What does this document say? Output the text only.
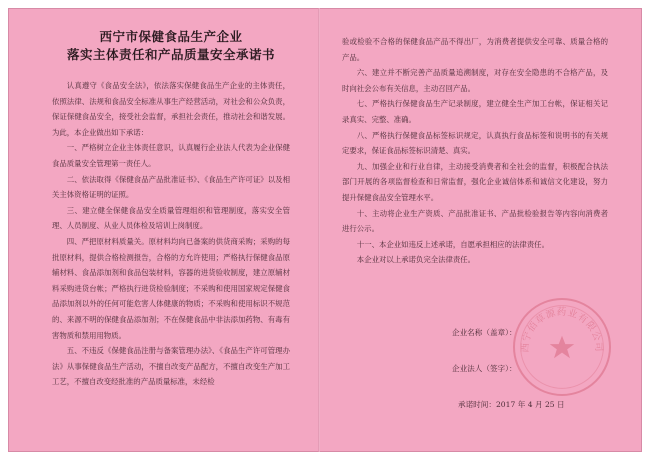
西宁市保健食品生产企业
落实主体责任和产品质量安全承诺书

认真遵守《食品安全法》，依法落实保健食品生产企业的主体责任，依照法律、法规和食品安全标准从事生产经营活动，对社会和公众负责，保证保健食品安全，接受社会监督，承担社会责任，推动社会和谐发展。为此，本企业做出如下承诺：

一、严格树立企业主体责任意识，认真履行企业法人代表为企业保健食品质量安全管理第一责任人。

二、依法取得《保健食品产品批准证书》、《食品生产许可证》以及相关主体资格证明的证照。

三、建立健全保健食品安全质量管理组织和管理制度，落实安全管理、人员制度、从业人员体检及培训上岗制度。

四、严把原材料质量关。原材料均向已备案的供货商采购；采购的每批原材料，提供合格检测报告，合格的方允许使用；严格执行保健食品原辅材料、食品添加剂和食品包装材料，容器的进货验收制度，建立原辅材料采购进货台帐；严格执行进货检验制度；不采购和使用国家规定保健食品添加剂以外的任何可能危害人体健康的物质；不采购和使用标识不规范的、来源不明的保健食品添加剂；不在保健食品中非法添加药物、有毒有害物质和禁用用物质。

五、不违反《保健食品注册与备案管理办法》、《食品生产许可管理办法》从事保健食品生产活动，不擅自改变产品配方，不擅自改变生产加工工艺，不擅自改变经批准的产品质量标准，未经检

验或检验不合格的保健食品产品不得出厂，为消费者提供安全可靠、质量合格的产品。

六、建立并不断完善产品质量追溯制度，对存在安全隐患的不合格产品，及时向社会公布有关信息，主动召回产品。

七、严格执行保健食品生产记录制度，建立健全生产加工台帐，保证相关记录真实、完整、准确。

八、严格执行保健食品标签标识规定，认真执行食品标签和说明书的有关规定要求，保证食品标签标识清楚、真实。

九、加强企业和行业自律，主动接受消费者和全社会的监督，积极配合执法部门开展的各项监督检查和日常监督，强化企业诚信体系和诚信文化建设，努力提升保健食品安全管理水平。

十、主动将企业生产资质、产品批准证书、产品批检验报告等内容向消费者进行公示。

十一、本企业如违反上述承诺，自愿承担相应的法律责任。

本企业对以上承诺负完全法律责任。

企业名称（盖章）：
企业法人（签字）：
承诺时间：2017 年 4 月 25 日
西宁佰草源药业有限公司
